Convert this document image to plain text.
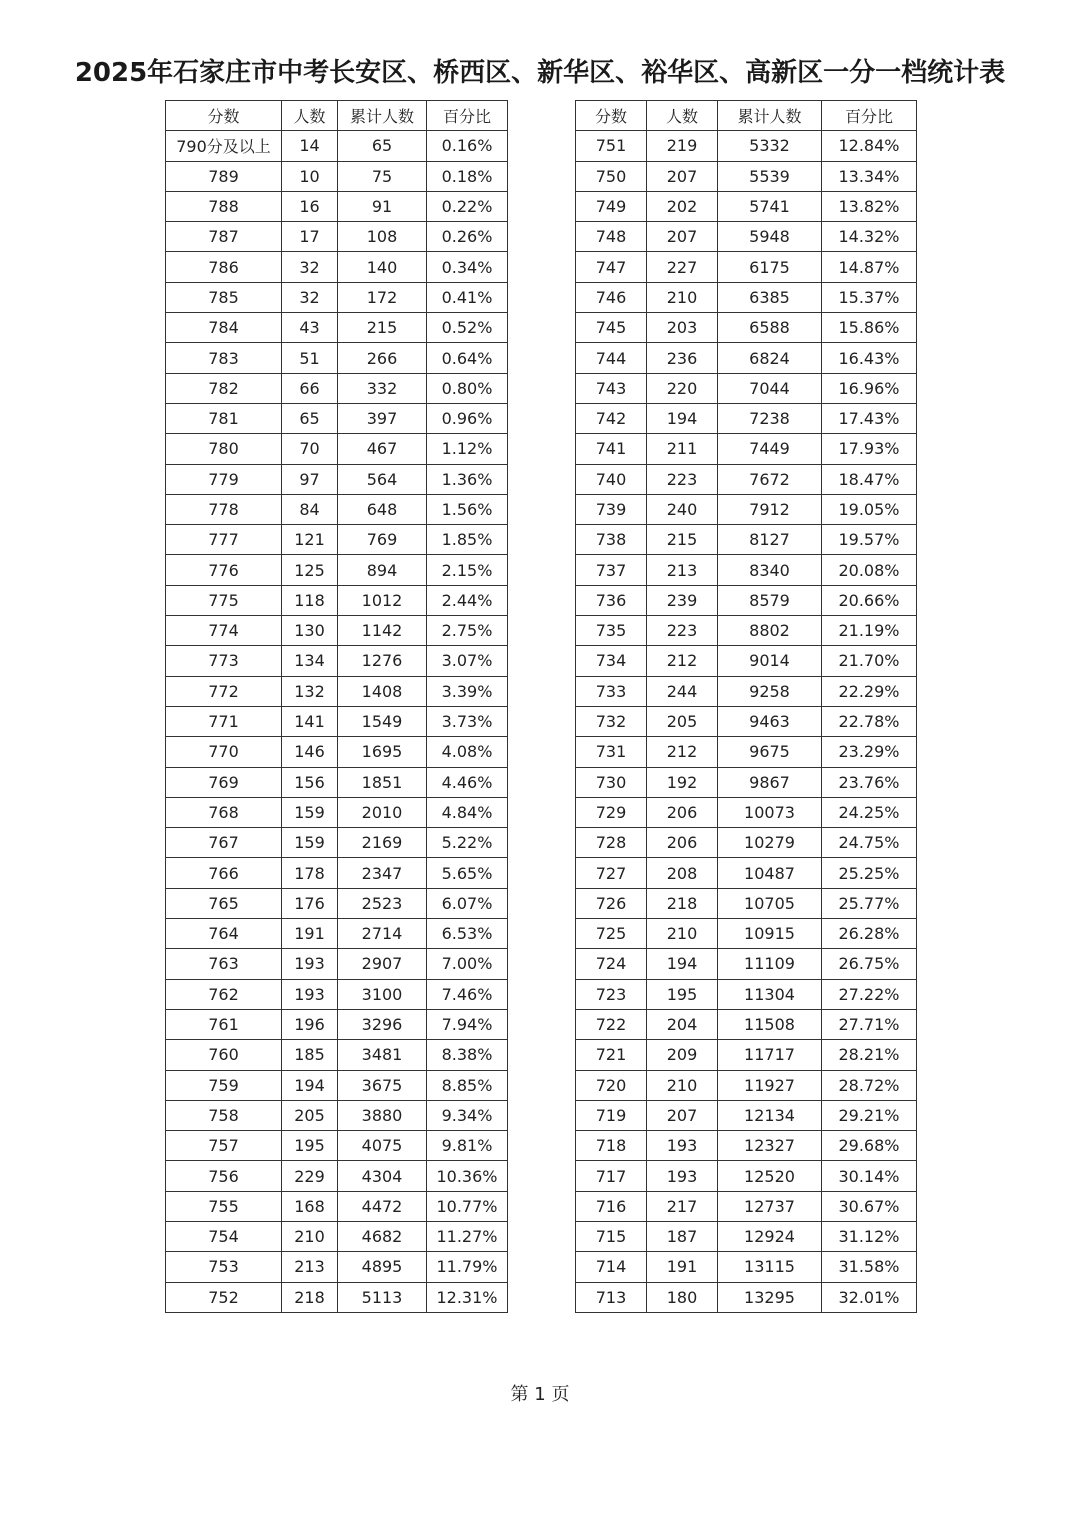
2025年石家庄市中考长安区、桥西区、新华区、裕华区、高新区一分一档统计表
分数	人数	累计人数	百分比
790分及以上	14	65	0.16%
789	10	75	0.18%
788	16	91	0.22%
787	17	108	0.26%
786	32	140	0.34%
785	32	172	0.41%
784	43	215	0.52%
783	51	266	0.64%
782	66	332	0.80%
781	65	397	0.96%
780	70	467	1.12%
779	97	564	1.36%
778	84	648	1.56%
777	121	769	1.85%
776	125	894	2.15%
775	118	1012	2.44%
774	130	1142	2.75%
773	134	1276	3.07%
772	132	1408	3.39%
771	141	1549	3.73%
770	146	1695	4.08%
769	156	1851	4.46%
768	159	2010	4.84%
767	159	2169	5.22%
766	178	2347	5.65%
765	176	2523	6.07%
764	191	2714	6.53%
763	193	2907	7.00%
762	193	3100	7.46%
761	196	3296	7.94%
760	185	3481	8.38%
759	194	3675	8.85%
758	205	3880	9.34%
757	195	4075	9.81%
756	229	4304	10.36%
755	168	4472	10.77%
754	210	4682	11.27%
753	213	4895	11.79%
752	218	5113	12.31%
分数	人数	累计人数	百分比
751	219	5332	12.84%
750	207	5539	13.34%
749	202	5741	13.82%
748	207	5948	14.32%
747	227	6175	14.87%
746	210	6385	15.37%
745	203	6588	15.86%
744	236	6824	16.43%
743	220	7044	16.96%
742	194	7238	17.43%
741	211	7449	17.93%
740	223	7672	18.47%
739	240	7912	19.05%
738	215	8127	19.57%
737	213	8340	20.08%
736	239	8579	20.66%
735	223	8802	21.19%
734	212	9014	21.70%
733	244	9258	22.29%
732	205	9463	22.78%
731	212	9675	23.29%
730	192	9867	23.76%
729	206	10073	24.25%
728	206	10279	24.75%
727	208	10487	25.25%
726	218	10705	25.77%
725	210	10915	26.28%
724	194	11109	26.75%
723	195	11304	27.22%
722	204	11508	27.71%
721	209	11717	28.21%
720	210	11927	28.72%
719	207	12134	29.21%
718	193	12327	29.68%
717	193	12520	30.14%
716	217	12737	30.67%
715	187	12924	31.12%
714	191	13115	31.58%
713	180	13295	32.01%
第 1 页
